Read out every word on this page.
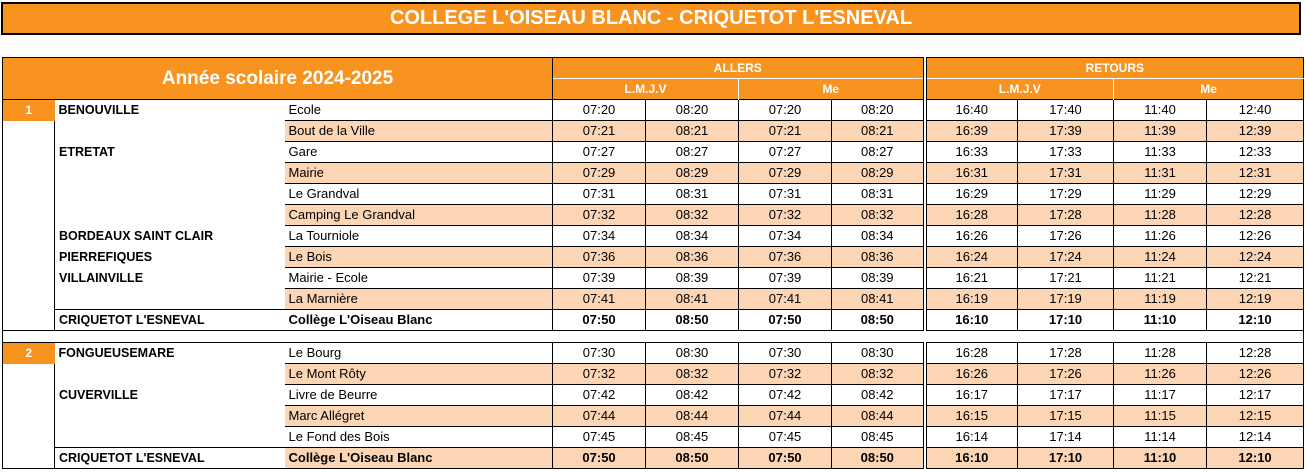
COLLEGE L'OISEAU BLANC - CRIQUETOT L'ESNEVAL
Année scolaire 2024-2025			ALLERS				RETOURS			
			L.M.J.V		Me		L.M.J.V		Me	
1	BENOUVILLE	Ecole	07:20	08:20	07:20	08:20	16:40	17:40	11:40	12:40
		Bout de la Ville	07:21	08:21	07:21	08:21	16:39	17:39	11:39	12:39
	ETRETAT	Gare	07:27	08:27	07:27	08:27	16:33	17:33	11:33	12:33
		Mairie	07:29	08:29	07:29	08:29	16:31	17:31	11:31	12:31
		Le Grandval	07:31	08:31	07:31	08:31	16:29	17:29	11:29	12:29
		Camping Le Grandval	07:32	08:32	07:32	08:32	16:28	17:28	11:28	12:28
	BORDEAUX SAINT CLAIR	La Tourniole	07:34	08:34	07:34	08:34	16:26	17:26	11:26	12:26
	PIERREFIQUES	Le Bois	07:36	08:36	07:36	08:36	16:24	17:24	11:24	12:24
	VILLAINVILLE	Mairie - Ecole	07:39	08:39	07:39	08:39	16:21	17:21	11:21	12:21
		La Marnière	07:41	08:41	07:41	08:41	16:19	17:19	11:19	12:19
	CRIQUETOT L'ESNEVAL	Collège L'Oiseau Blanc	07:50	08:50	07:50	08:50	16:10	17:10	11:10	12:10

2	FONGUEUSEMARE	Le Bourg	07:30	08:30	07:30	08:30	16:28	17:28	11:28	12:28
		Le Mont Rôty	07:32	08:32	07:32	08:32	16:26	17:26	11:26	12:26
	CUVERVILLE	Livre de Beurre	07:42	08:42	07:42	08:42	16:17	17:17	11:17	12:17
		Marc Allégret	07:44	08:44	07:44	08:44	16:15	17:15	11:15	12:15
		Le Fond des Bois	07:45	08:45	07:45	08:45	16:14	17:14	11:14	12:14
	CRIQUETOT L'ESNEVAL	Collège L'Oiseau Blanc	07:50	08:50	07:50	08:50	16:10	17:10	11:10	12:10
